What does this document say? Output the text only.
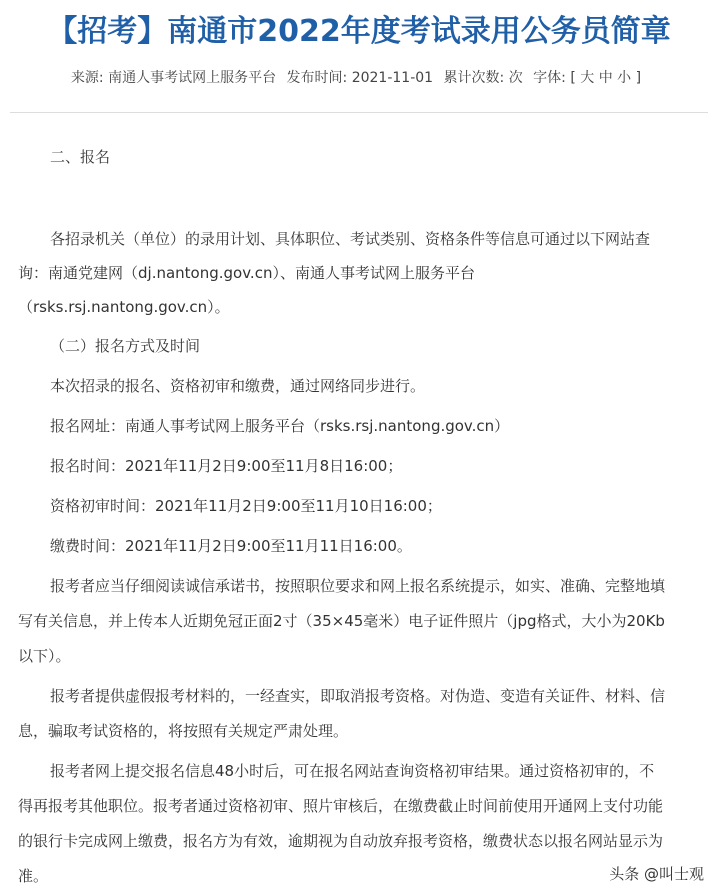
【招考】南通市2022年度考试录用公务员简章
来源: 南通人事考试网上服务平台 发布时间: 2021-11-01 累计次数: 次 字体: [ 大 中 小 ]
二、报名
各招录机关（单位）的录用计划、具体职位、考试类别、资格条件等信息可通过以下网站查
询：南通党建网（dj.nantong.gov.cn）、南通人事考试网上服务平台
（rsks.rsj.nantong.gov.cn）。
（二）报名方式及时间
本次招录的报名、资格初审和缴费，通过网络同步进行。
报名网址：南通人事考试网上服务平台（rsks.rsj.nantong.gov.cn）
报名时间：2021年11月2日9:00至11月8日16:00；
资格初审时间：2021年11月2日9:00至11月10日16:00；
缴费时间：2021年11月2日9:00至11月11日16:00。
报考者应当仔细阅读诚信承诺书，按照职位要求和网上报名系统提示，如实、准确、完整地填
写有关信息，并上传本人近期免冠正面2寸（35×45毫米）电子证件照片（jpg格式，大小为20Kb
以下）。
报考者提供虚假报考材料的，一经查实，即取消报考资格。对伪造、变造有关证件、材料、信
息，骗取考试资格的，将按照有关规定严肃处理。
报考者网上提交报名信息48小时后，可在报名网站查询资格初审结果。通过资格初审的，不
得再报考其他职位。报考者通过资格初审、照片审核后，在缴费截止时间前使用开通网上支付功能
的银行卡完成网上缴费，报名方为有效，逾期视为自动放弃报考资格，缴费状态以报名网站显示为
准。	头条 @叫士观
